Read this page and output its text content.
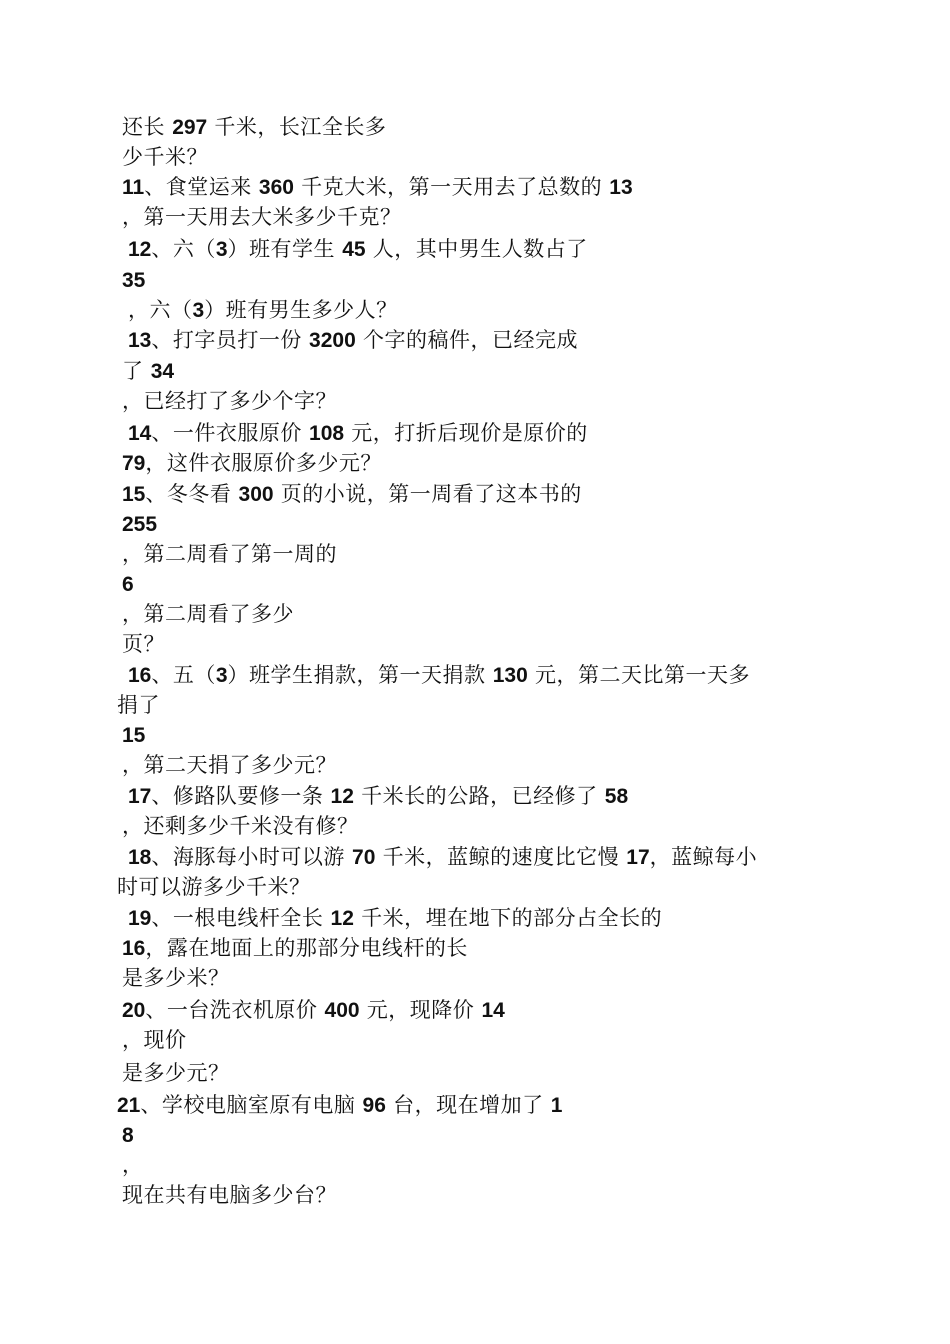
还长 297 千米，长江全长多
少千米？
11、食堂运来 360 千克大米，第一天用去了总数的 13
，第一天用去大米多少千克？
12、六（3）班有学生 45 人，其中男生人数占了
35
，六（3）班有男生多少人？
13、打字员打一份 3200 个字的稿件，已经完成
了 34
，已经打了多少个字？
14、一件衣服原价 108 元，打折后现价是原价的
79，这件衣服原价多少元？
15、冬冬看 300 页的小说，第一周看了这本书的
255
，第二周看了第一周的
6
，第二周看了多少
页？
16、五（3）班学生捐款，第一天捐款 130 元，第二天比第一天多
捐了
15
，第二天捐了多少元？
17、修路队要修一条 12 千米长的公路，已经修了 58
，还剩多少千米没有修？
18、海豚每小时可以游 70 千米，蓝鲸的速度比它慢 17，蓝鲸每小
时可以游多少千米？
19、一根电线杆全长 12 千米，埋在地下的部分占全长的
16，露在地面上的那部分电线杆的长
是多少米？
20、一台洗衣机原价 400 元，现降价 14
，现价
是多少元？
21、学校电脑室原有电脑 96 台，现在增加了 1
8
，
现在共有电脑多少台？
